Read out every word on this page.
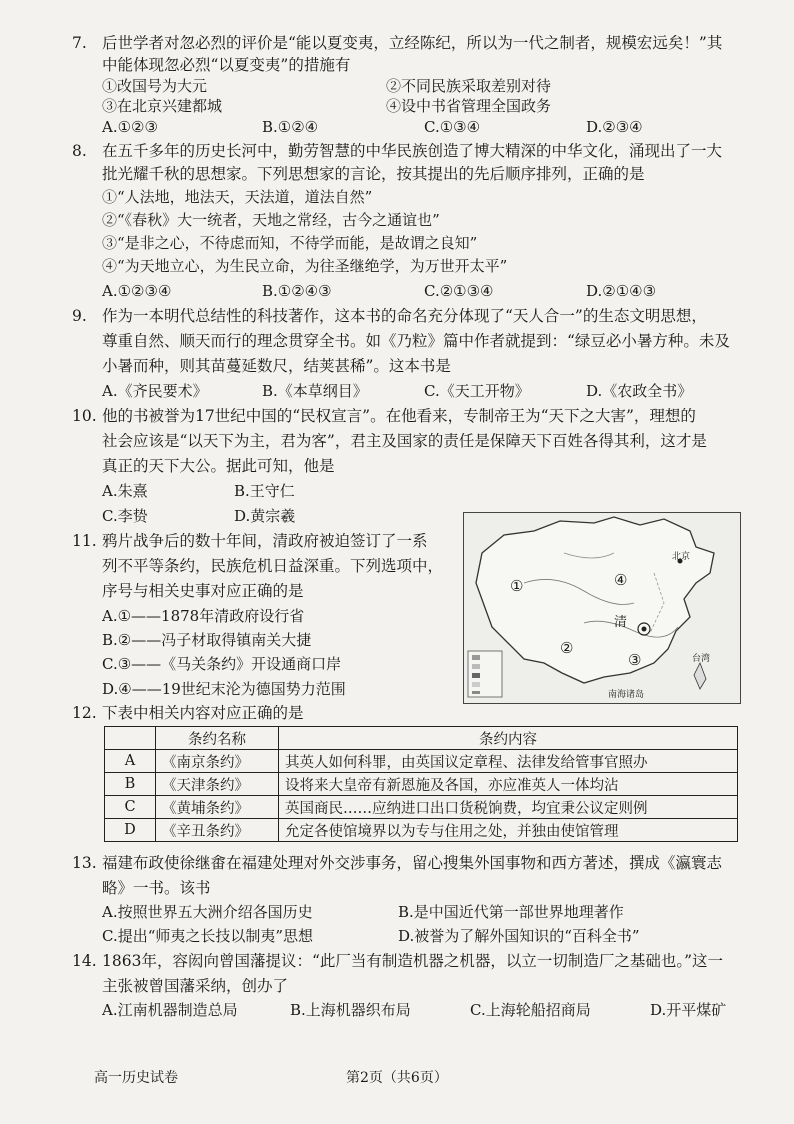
7. 后世学者对忽必烈的评价是“能以夏变夷，立经陈纪，所以为一代之制者，规模宏远矣！”其
中能体现忽必烈“以夏变夷”的措施有
①改国号为大元	②不同民族采取差别对待
③在北京兴建都城	④设中书省管理全国政务
A.①②③	B.①②④	C.①③④	D.②③④
8. 在五千多年的历史长河中，勤劳智慧的中华民族创造了博大精深的中华文化，涌现出了一大
批光耀千秋的思想家。下列思想家的言论，按其提出的先后顺序排列，正确的是
①“人法地，地法天，天法道，道法自然”
②“《春秋》大一统者，天地之常经，古今之通谊也”
③“是非之心，不待虑而知，不待学而能，是故谓之良知”
④“为天地立心，为生民立命，为往圣继绝学，为万世开太平”
A.①②③④	B.①②④③	C.②①③④	D.②①④③
9. 作为一本明代总结性的科技著作，这本书的命名充分体现了“天人合一”的生态文明思想，
尊重自然、顺天而行的理念贯穿全书。如《乃粒》篇中作者就提到：“绿豆必小暑方种。未及
小暑而种，则其苗蔓延数尺，结荚甚稀”。这本书是
A.《齐民要术》	B.《本草纲目》	C.《天工开物》	D.《农政全书》
10. 他的书被誉为17世纪中国的“民权宣言”。在他看来，专制帝王为“天下之大害”，理想的
社会应该是“以天下为主，君为客”，君主及国家的责任是保障天下百姓各得其利，这才是
真正的天下大公。据此可知，他是
A.朱熹	B.王守仁
C.李贽	D.黄宗羲
11. 鸦片战争后的数十年间，清政府被迫签订了一系
列不平等条约，民族危机日益深重。下列选项中，
序号与相关史事对应正确的是
A.①——1878年清政府设行省
B.②——冯子材取得镇南关大捷
C.③——《马关条约》开设通商口岸
①
②
③
④
清
北京
台湾
南海诸岛
	条约名称	条约内容
A	《南京条约》	其英人如何科罪，由英国议定章程、法律发给管事官照办
B	《天津条约》	设将来大皇帝有新恩施及各国，亦应准英人一体均沾
C	《黄埔条约》	英国商民……应纳进口出口货税饷费，均宜秉公议定则例
D	《辛丑条约》	允定各使馆境界以为专与住用之处，并独由使馆管理
13. 福建布政使徐继畬在福建处理对外交涉事务，留心搜集外国事物和西方著述，撰成《瀛寰志
略》一书。该书
A.按照世界五大洲介绍各国历史	B.是中国近代第一部世界地理著作
C.提出“师夷之长技以制夷”思想	D.被誉为了解外国知识的“百科全书”
14. 1863年，容闳向曾国藩提议：“此厂当有制造机器之机器，以立一切制造厂之基础也。”这一
主张被曾国藩采纳，创办了
A.江南机器制造总局	B.上海机器织布局	C.上海轮船招商局	D.开平煤矿
高一历史试卷	第2页（共6页）
D.④——19世纪末沦为德国势力范围
12. 下表中相关内容对应正确的是
